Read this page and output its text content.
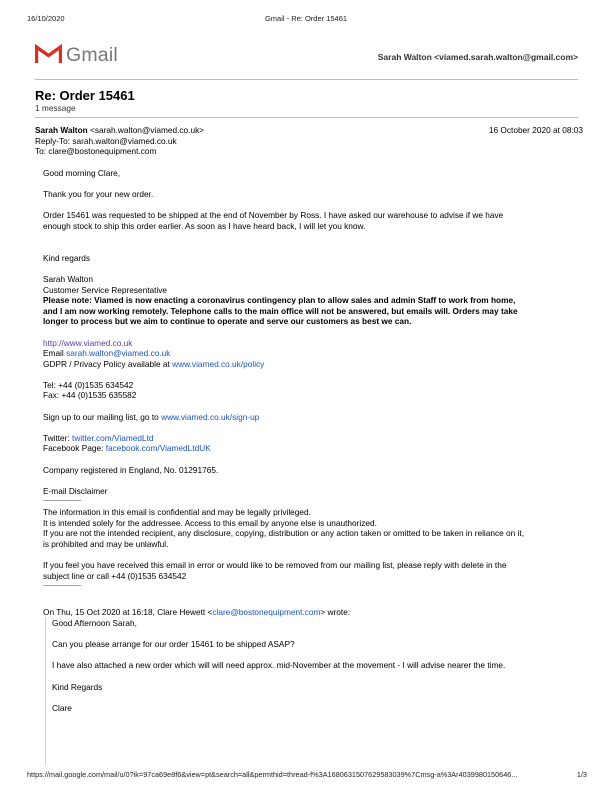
16/10/2020	Gmail - Re: Order 15461
Gmail	Sarah Walton <viamed.sarah.walton@gmail.com>
Re: Order 15461
1 message
Sarah Walton <sarah.walton@viamed.co.uk>	16 October 2020 at 08:03
Reply-To: sarah.walton@viamed.co.uk
To: clare@bostonequipment.com
Good morning Clare,
Thank you for your new order.
Order 15461 was requested to be shipped at the end of November by Ross. I have asked our warehouse to advise if we have
enough stock to ship this order earlier. As soon as I have heard back, I will let you know.
Kind regards
Sarah Walton
Customer Service Representative
Please note: Viamed is now enacting a coronavirus contingency plan to allow sales and admin Staff to work from home,
and I am now working remotely. Telephone calls to the main office will not be answered, but emails will. Orders may take
longer to process but we aim to continue to operate and serve our customers as best we can.
http://www.viamed.co.uk
Email sarah.walton@viamed.co.uk
GDPR / Privacy Policy available at www.viamed.co.uk/policy
Tel: +44 (0)1535 634542
Fax: +44 (0)1535 635582
Sign up to our mailing list, go to www.viamed.co.uk/sign-up
Twitter: twitter.com/ViamedLtd
Facebook Page: facebook.com/ViamedLtdUK
Company registered in England, No. 01291765.
E-mail Disclaimer
-------------------
The information in this email is confidential and may be legally privileged.
It is intended solely for the addressee. Access to this email by anyone else is unauthorized.
If you are not the intended recipient, any disclosure, copying, distribution or any action taken or omitted to be taken in reliance on it,
is prohibited and may be unlawful.
If you feel you have received this email in error or would like to be removed from our mailing list, please reply with delete in the
subject line or call +44 (0)1535 634542
-------------------
On Thu, 15 Oct 2020 at 16:18, Clare Hewett <clare@bostonequipment.com> wrote:
Good Afternoon Sarah,
Can you please arrange for our order 15461 to be shipped ASAP?
I have also attached a new order which will will need approx. mid-November at the movement - I will advise nearer the time.
Kind Regards
Clare
https://mail.google.com/mail/u/0?ik=97ca69e8f6&view=pt&search=all&permthid=thread-f%3A1680631507629583039%7Cmsg-a%3Ar4039980150646...	1/3
